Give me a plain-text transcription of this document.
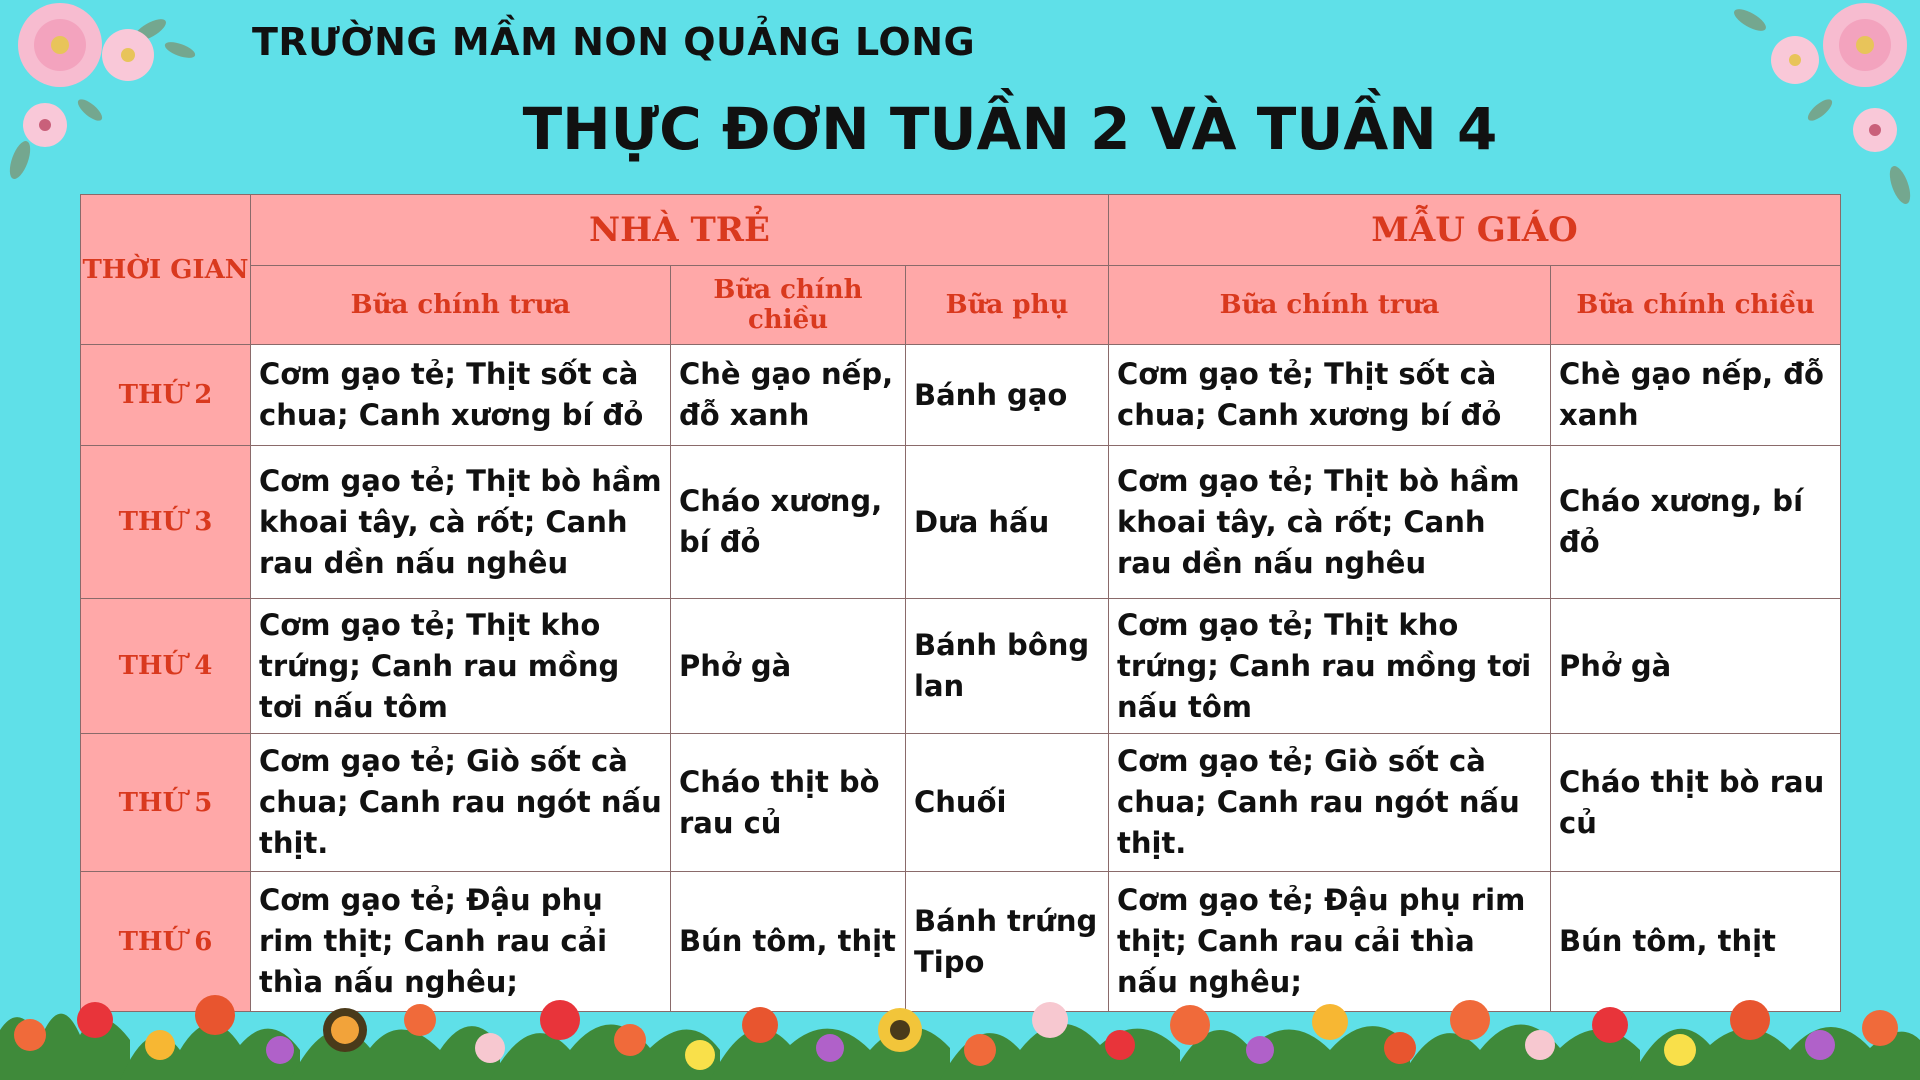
TRƯỜNG MẦM NON QUẢNG LONG
THỰC ĐƠN TUẦN 2 VÀ TUẦN 4
THỜI GIAN	NHÀ TRẺ			MẪU GIÁO	
	Bữa chính trưa	Bữa chính chiều	Bữa phụ	Bữa chính trưa	Bữa chính chiều
THỨ 2	Cơm gạo tẻ; Thịt sốt cà chua; Canh xương bí đỏ	Chè gạo nếp, đỗ xanh	Bánh gạo	Cơm gạo tẻ; Thịt sốt cà chua; Canh xương bí đỏ	Chè gạo nếp, đỗ xanh
THỨ 3	Cơm gạo tẻ; Thịt bò hầm khoai tây, cà rốt; Canh rau dền nấu nghêu	Cháo xương, bí đỏ	Dưa hấu	Cơm gạo tẻ; Thịt bò hầm khoai tây, cà rốt; Canh rau dền nấu nghêu	Cháo xương, bí đỏ
THỨ 4	Cơm gạo tẻ; Thịt kho trứng; Canh rau mồng tơi nấu tôm	Phở gà	Bánh bông lan	Cơm gạo tẻ; Thịt kho trứng; Canh rau mồng tơi nấu tôm	Phở gà
THỨ 5	Cơm gạo tẻ; Giò sốt cà chua; Canh rau ngót nấu thịt.	Cháo thịt bò rau củ	Chuối	Cơm gạo tẻ; Giò sốt cà chua; Canh rau ngót nấu thịt.	Cháo thịt bò rau củ
THỨ 6	Cơm gạo tẻ; Đậu phụ rim thịt; Canh rau cải thìa nấu nghêu;	Bún tôm, thịt	Bánh trứng Tipo	Cơm gạo tẻ; Đậu phụ rim thịt; Canh rau cải thìa nấu nghêu;	Bún tôm, thịt
